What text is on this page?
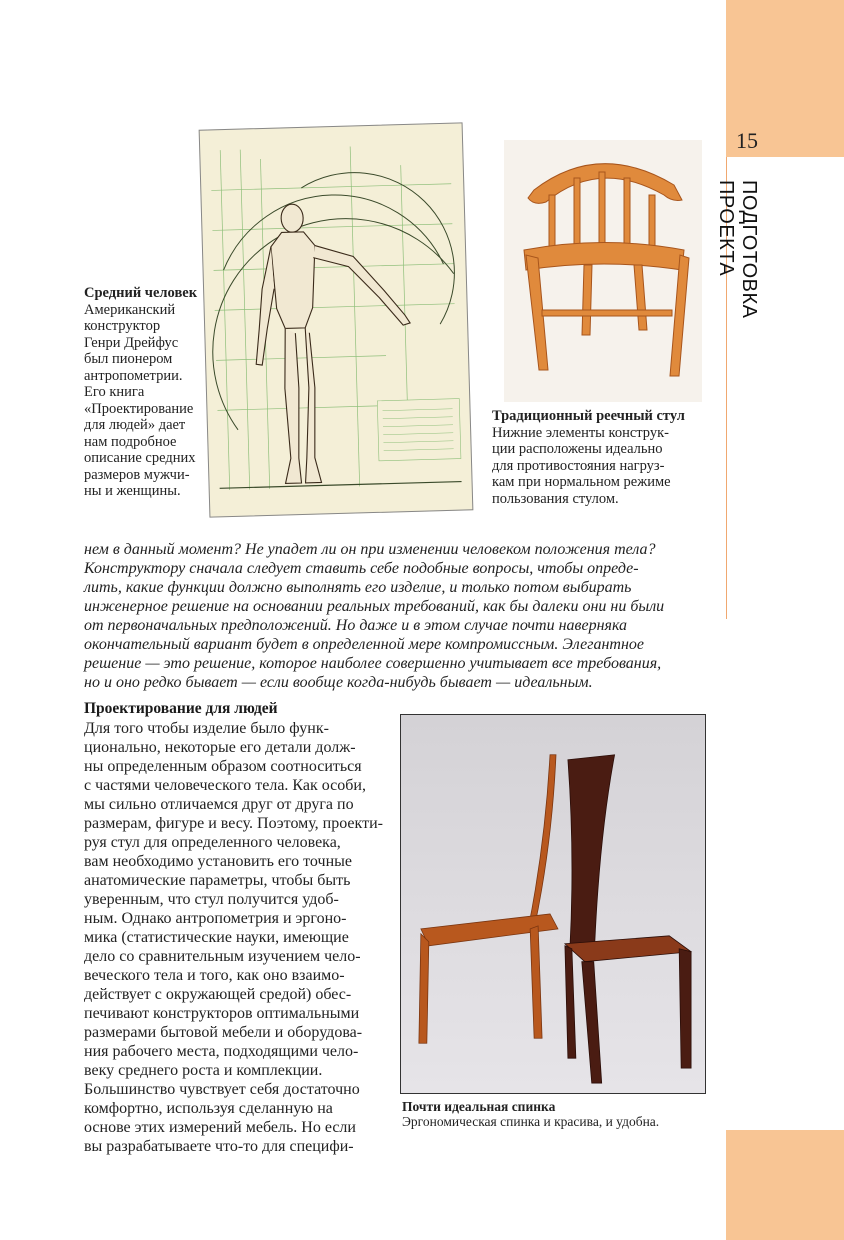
15
ПОДГОТОВКА ПРОЕКТА
Средний человек
Американский
конструктор
Генри Дрейфус
был пионером
антропометрии.
Его книга
«Проектирование
для людей» дает
нам подробное
описание средних
размеров мужчи-
ны и женщины.
Традиционный реечный стул
Нижние элементы конструк-
ции расположены идеально
для противостояния нагруз-
кам при нормальном режиме
пользования стулом.
нем в данный момент? Не упадет ли он при изменении человеком положения тела?
Конструктору сначала следует ставить себе подобные вопросы, чтобы опреде-
лить, какие функции должно выполнять его изделие, и только потом выбирать
инженерное решение на основании реальных требований, как бы далеки они ни были
от первоначальных предположений. Но даже и в этом случае почти наверняка
окончательный вариант будет в определенной мере компромиссным. Элегантное
решение — это решение, которое наиболее совершенно учитывает все требования,
но и оно редко бывает — если вообще когда-нибудь бывает — идеальным.
Проектирование для людей
Для того чтобы изделие было функ-
ционально, некоторые его детали долж-
ны определенным образом соотноситься
с частями человеческого тела. Как особи,
мы сильно отличаемся друг от друга по
размерам, фигуре и весу. Поэтому, проекти-
руя стул для определенного человека,
вам необходимо установить его точные
анатомические параметры, чтобы быть
уверенным, что стул получится удоб-
ным. Однако антропометрия и эргоно-
мика (статистические науки, имеющие
дело со сравнительным изучением чело-
веческого тела и того, как оно взаимо-
действует с окружающей средой) обес-
печивают конструкторов оптимальными
размерами бытовой мебели и оборудова-
ния рабочего места, подходящими чело-
веку среднего роста и комплекции.
Большинство чувствует себя достаточно
комфортно, используя сделанную на
основе этих измерений мебель. Но если
вы разрабатываете что-то для специфи-
Почти идеальная спинка
Эргономическая спинка и красива, и удобна.
